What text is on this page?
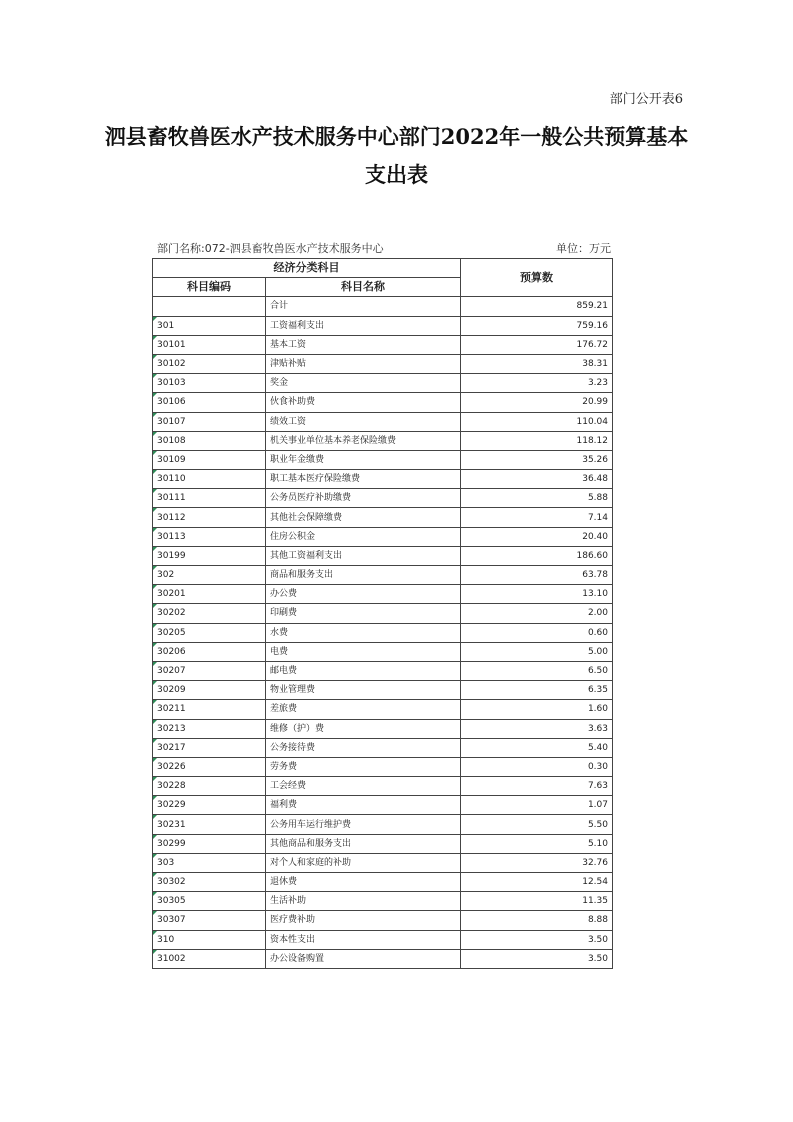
部门公开表6
泗县畜牧兽医水产技术服务中心部门2022年一般公共预算基本支出表
部门名称:072-泗县畜牧兽医水产技术服务中心	单位：万元
经济分类科目		预算数
科目编码	科目名称	
	合计	859.21
301	工资福利支出	759.16
30101	基本工资	176.72
30102	津贴补贴	38.31
30103	奖金	3.23
30106	伙食补助费	20.99
30107	绩效工资	110.04
30108	机关事业单位基本养老保险缴费	118.12
30109	职业年金缴费	35.26
30110	职工基本医疗保险缴费	36.48
30111	公务员医疗补助缴费	5.88
30112	其他社会保障缴费	7.14
30113	住房公积金	20.40
30199	其他工资福利支出	186.60
302	商品和服务支出	63.78
30201	办公费	13.10
30202	印刷费	2.00
30205	水费	0.60
30206	电费	5.00
30207	邮电费	6.50
30209	物业管理费	6.35
30211	差旅费	1.60
30213	维修（护）费	3.63
30217	公务接待费	5.40
30226	劳务费	0.30
30228	工会经费	7.63
30229	福利费	1.07
30231	公务用车运行维护费	5.50
30299	其他商品和服务支出	5.10
303	对个人和家庭的补助	32.76
30302	退休费	12.54
30305	生活补助	11.35
30307	医疗费补助	8.88
310	资本性支出	3.50
31002	办公设备购置	3.50
